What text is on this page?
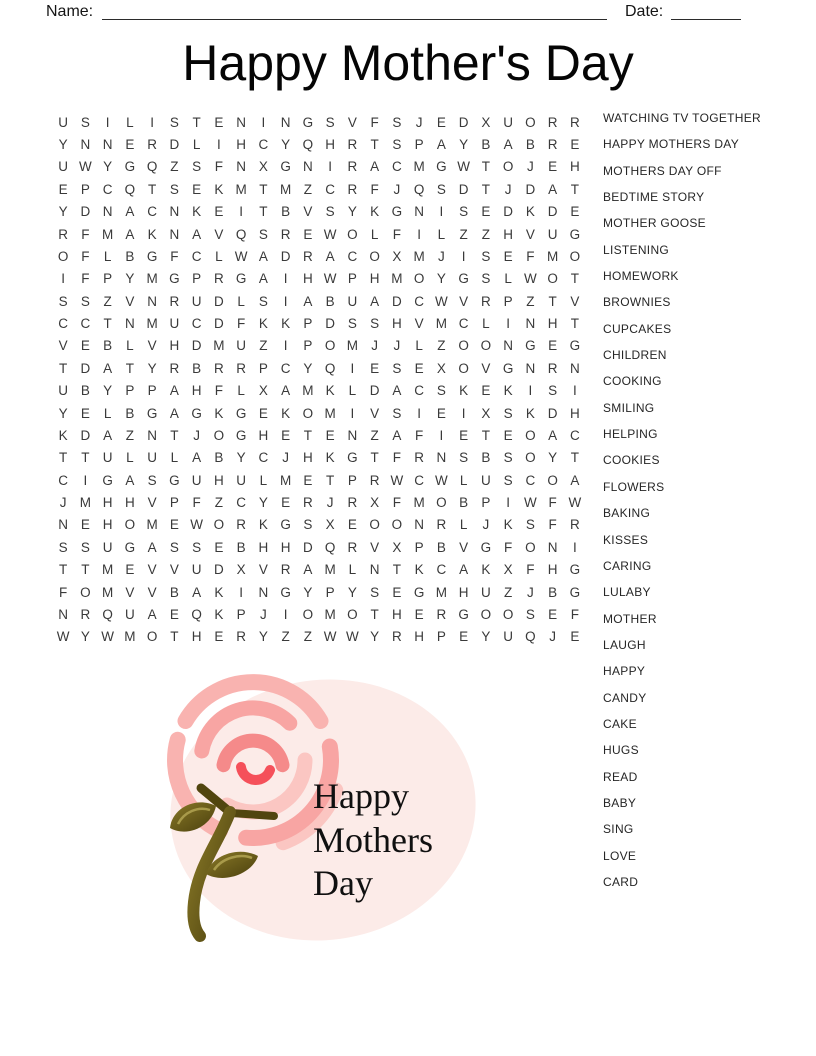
Name:	Date:
Happy Mother's Day
U S	I	L	I	S	T	E N	I	N G S V	F	S	J	E D X U O R R
Y N N E R D	L	I	H C Y Q H R T	S P A Y B A B R E
U W Y G Q Z	S	F N X G N	I	R A C M G W T O	J	E H
E P C Q T	S E K M T M Z C R F	J	Q S D T	J	D A	T
Y D N A C N K E	I	T	B V S Y K G N	I	S E D K D E
R F M A K N A V Q S R E W O L	F	I	L	Z	Z H V U G
O F	L	B G F C	L W A D R A C O X M J	I	S E	F M O
I	F	P Y M G P R G A	I	H W P H M O Y G S	L W O T
S S	Z	V N R U D	L	S	I	A B U A D C W V R P	Z	T	V
C C T N M U C D F	K K P D S S H V M C	L	I	N H T
V E B	L	V H D M U Z	I	P O M J	J	L	Z O O N G E G
T D A	T	Y R B R R P C Y Q	I	E S E X O V G N R N
U B Y P P A H F	L	X A M K	L	D A C S K E K	I	S	I
Y E	L	B G A G K G E K O M	I	V S	I	E	I	X S K D H
K D A	Z N T	J	O G H E	T	E N Z	A	F	I	E	T	E O A C
T	T U	L	U	L	A B Y C	J	H K G T	F R N S B S O Y	T
C	I	G A S G U H U	L M E	T	P R W C W L	U S C O A
J M H H V P	F	Z C Y E R	J	R X	F M O B P	I	W F W
N E H O M E W O R K G S X E O O N R	L	J	K S	F R
S S U G A S S E B H H D Q R V X P B V G F O N	I
T	T M E V V U D X V R A M L	N T	K C A K X	F H G
F O M V V B A K	I	N G Y P Y S E G M H U Z	J	B G
N R Q U A E Q K P	J	I	O M O T H E R G O O S E	F
W Y W M O T H E R Y	Z	Z W W Y R H P E Y U Q	J	E
WATCHING TV TOGETHER
HAPPY MOTHERS DAY
MOTHERS DAY OFF
BEDTIME STORY
MOTHER GOOSE
LISTENING
HOMEWORK
BROWNIES
CUPCAKES
CHILDREN
COOKING
SMILING
HELPING
COOKIES
FLOWERS
BAKING
KISSES
CARING
LULABY
MOTHER
LAUGH
HAPPY
CANDY
CAKE
HUGS
READ
BABY
SING
LOVE
CARD
Happy
Mothers
Day
